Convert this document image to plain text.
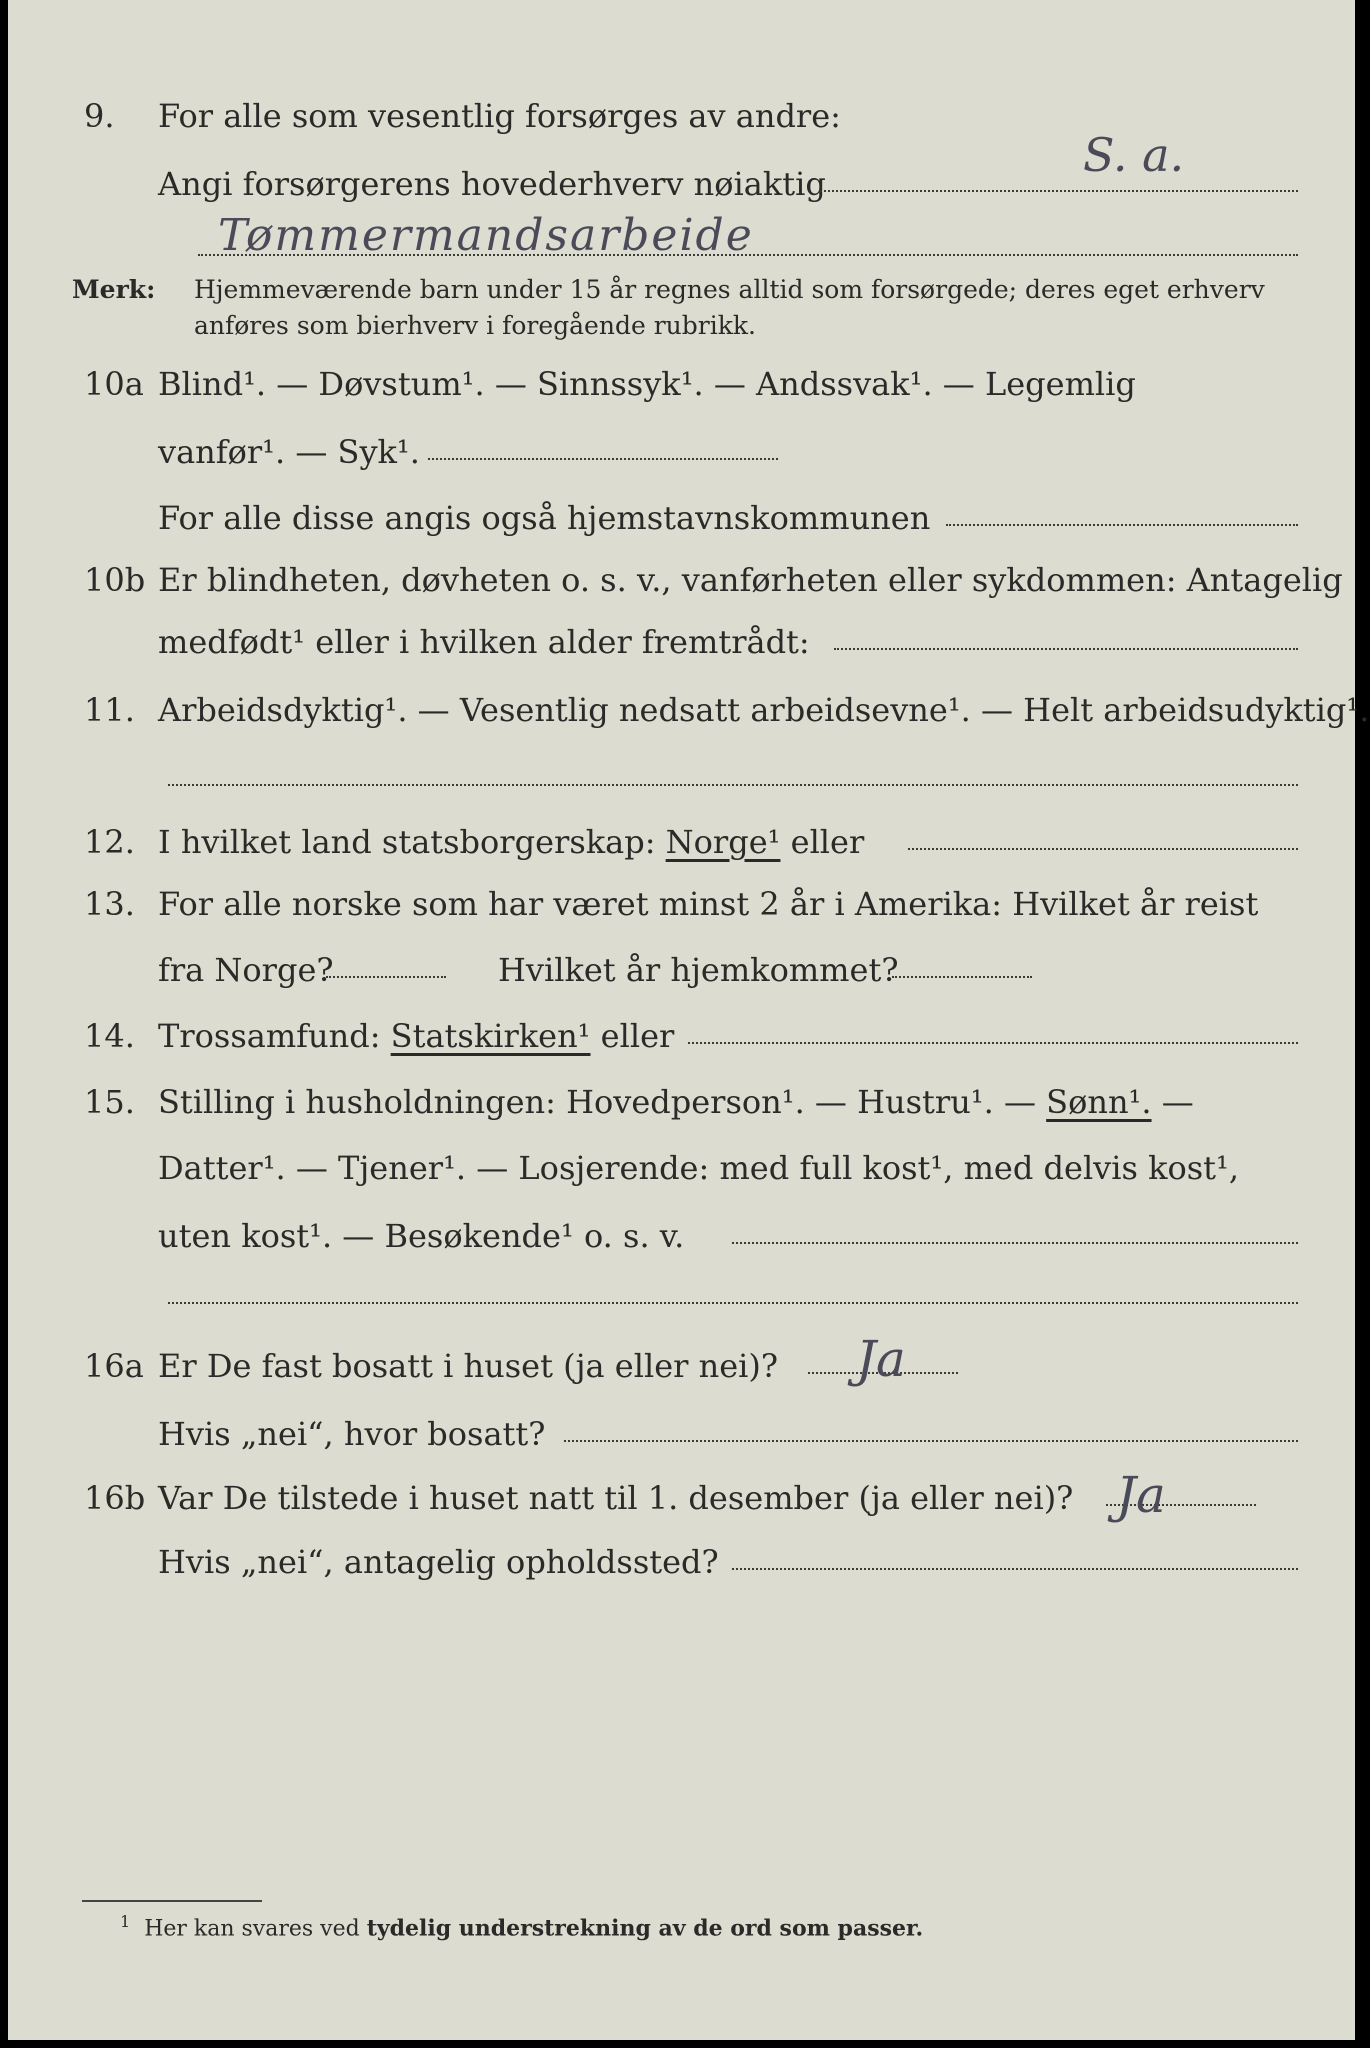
9. For alle som vesentlig forsørges av andre:
S. a.
Angi forsørgerens hovederhverv nøiaktig
Tømmermandsarbeide
Merk: Hjemmeværende barn under 15 år regnes alltid som forsørgede; deres eget erhverv
anføres som bierhverv i foregående rubrikk.
10a Blind¹. — Døvstum¹. — Sinnssyk¹. — Andssvak¹. — Legemlig
vanfør¹. — Syk¹.
For alle disse angis også hjemstavnskommunen
10b Er blindheten, døvheten o. s. v., vanførheten eller sykdommen: Antagelig
medfødt¹ eller i hvilken alder fremtrådt:
11. Arbeidsdyktig¹. — Vesentlig nedsatt arbeidsevne¹. — Helt arbeidsudyktig¹.
12. I hvilket land statsborgerskap: Norge¹ eller
13. For alle norske som har været minst 2 år i Amerika: Hvilket år reist
fra Norge?	Hvilket år hjemkommet?
14. Trossamfund: Statskirken¹ eller
15. Stilling i husholdningen: Hovedperson¹. — Hustru¹. — Sønn¹. —
Datter¹. — Tjener¹. — Losjerende: med full kost¹, med delvis kost¹,
uten kost¹. — Besøkende¹ o. s. v.
16a Er De fast bosatt i huset (ja eller nei)? Ja
Hvis „nei“, hvor bosatt?
16b Var De tilstede i huset natt til 1. desember (ja eller nei)? Ja
Hvis „nei“, antagelig opholdssted?
$^1$ Her kan svares ved tydelig understrekning av de ord som passer.
